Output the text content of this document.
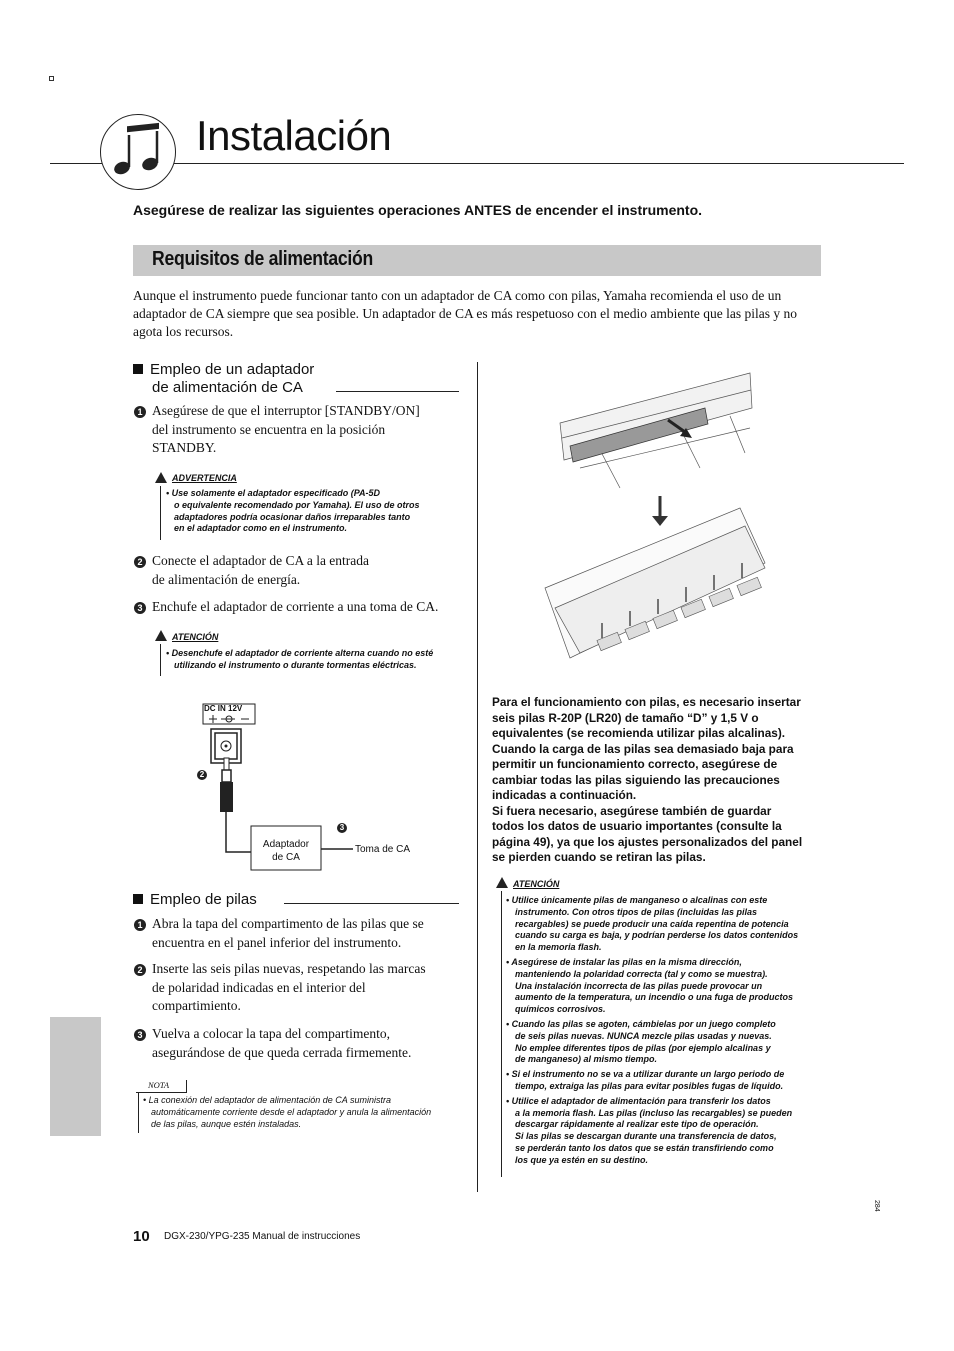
Instalación
Asegúrese de realizar las siguientes operaciones ANTES de encender el instrumento.
Requisitos de alimentación
Aunque el instrumento puede funcionar tanto con un adaptador de CA como con pilas, Yamaha recomienda el uso de un adaptador de CA siempre que sea posible. Un adaptador de CA es más respetuoso con el medio ambiente que las pilas y no agota los recursos.
Empleo de un adaptador
de alimentación de CA
1 Asegúrese de que el interruptor [STANDBY/ON]
del instrumento se encuentra en la posición
STANDBY.
ADVERTENCIA
• Use solamente el adaptador especificado (PA-5D
o equivalente recomendado por Yamaha). El uso de otros
adaptadores podría ocasionar daños irreparables tanto
en el adaptador como en el instrumento.
2 Conecte el adaptador de CA a la entrada
de alimentación de energía.
3 Enchufe el adaptador de corriente a una toma de CA.
ATENCIÓN
• Desenchufe el adaptador de corriente alterna cuando no esté
utilizando el instrumento o durante tormentas eléctricas.
DC IN 12V
2
3
Adaptador
de CA
Toma de CA
Empleo de pilas
1 Abra la tapa del compartimento de las pilas que se
encuentra en el panel inferior del instrumento.
2 Inserte las seis pilas nuevas, respetando las marcas
de polaridad indicadas en el interior del
compartimiento.
3 Vuelva a colocar la tapa del compartimento,
asegurándose de que queda cerrada firmemente.
NOTA
• La conexión del adaptador de alimentación de CA suministra
automáticamente corriente desde el adaptador y anula la alimentación
de las pilas, aunque estén instaladas.
Para el funcionamiento con pilas, es necesario insertar
seis pilas R-20P (LR20) de tamaño “D” y 1,5 V o
equivalentes (se recomienda utilizar pilas alcalinas).
Cuando la carga de las pilas sea demasiado baja para
permitir un funcionamiento correcto, asegúrese de
cambiar todas las pilas siguiendo las precauciones
indicadas a continuación.
Si fuera necesario, asegúrese también de guardar
todos los datos de usuario importantes (consulte la
página 49), ya que los ajustes personalizados del panel
se pierden cuando se retiran las pilas.
ATENCIÓN
• Utilice únicamente pilas de manganeso o alcalinas con este
instrumento. Con otros tipos de pilas (incluidas las pilas
recargables) se puede producir una caída repentina de potencia
cuando su carga es baja, y podrían perderse los datos contenidos
en la memoria flash.
• Asegúrese de instalar las pilas en la misma dirección,
manteniendo la polaridad correcta (tal y como se muestra).
Una instalación incorrecta de las pilas puede provocar un
aumento de la temperatura, un incendio o una fuga de productos
químicos corrosivos.
• Cuando las pilas se agoten, cámbielas por un juego completo
de seis pilas nuevas. NUNCA mezcle pilas usadas y nuevas.
No emplee diferentes tipos de pilas (por ejemplo alcalinas y
de manganeso) al mismo tiempo.
• Si el instrumento no se va a utilizar durante un largo periodo de
tiempo, extraiga las pilas para evitar posibles fugas de líquido.
• Utilice el adaptador de alimentación para transferir los datos
a la memoria flash. Las pilas (incluso las recargables) se pueden
descargar rápidamente al realizar este tipo de operación.
Si las pilas se descargan durante una transferencia de datos,
se perderán tanto los datos que se están transfiriendo como
los que ya estén en su destino.
10 DGX-230/YPG-235 Manual de instrucciones
284
